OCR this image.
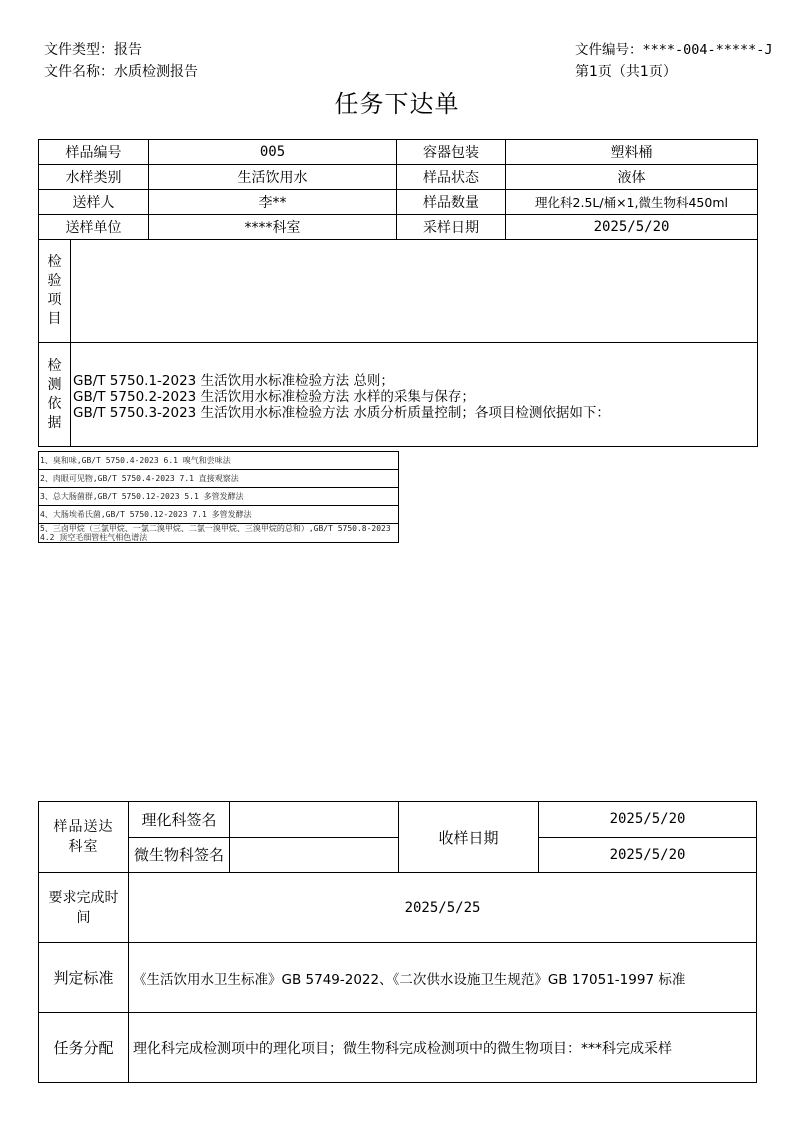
文件类型：报告
文件名称：水质检测报告
文件编号：****-004-*****-J
第1页（共1页）
任务下达单
样品编号		005	容器包装	塑料桶
水样类别		生活饮用水	样品状态	液体
送样人		李**	样品数量	理化科2.5L/桶×1,微生物科450ml
送样单位		****科室	采样日期	2025/5/20

检验项目				

检测依据	GB/T 5750.1-2023 生活饮用水标准检验方法 总则；
GB/T 5750.2-2023 生活饮用水标准检验方法 水样的采集与保存；
GB/T 5750.3-2023 生活饮用水标准检验方法 水质分析质量控制；各项目检测依据如下：			
1、臭和味,GB/T 5750.4-2023 6.1 嗅气和尝味法
2、肉眼可见物,GB/T 5750.4-2023 7.1 直接观察法
3、总大肠菌群,GB/T 5750.12-2023 5.1 多管发酵法
4、大肠埃希氏菌,GB/T 5750.12-2023 7.1 多管发酵法
5、三卤甲烷（三氯甲烷、一氯二溴甲烷、二氯一溴甲烷、三溴甲烷的总和）,GB/T 5750.8-2023 4.2 顶空毛细管柱气相色谱法
样品送达科室	理化科签名		收样日期	2025/5/20
	微生物科签名			2025/5/20

要求完成时间	2025/5/25			
判定标准	《生活饮用水卫生标准》GB 5749-2022、《二次供水设施卫生规范》GB 17051-1997 标准			
任务分配	理化科完成检测项中的理化项目；微生物科完成检测项中的微生物项目：***科完成采样			
